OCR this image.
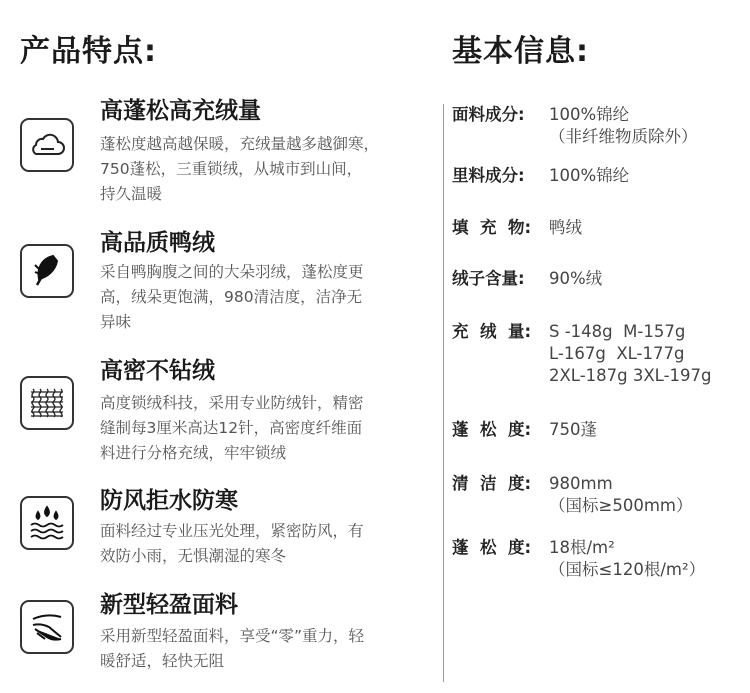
产品特点:	基本信息:
高蓬松高充绒量
蓬松度越高越保暖，充绒量越多越御寒，
750蓬松，三重锁绒，从城市到山间，
持久温暖
高品质鸭绒
采自鸭胸腹之间的大朵羽绒，蓬松度更
高，绒朵更饱满，980清洁度，洁净无
异味
高密不钻绒
高度锁绒科技，采用专业防绒针，精密
缝制每3厘米高达12针，高密度纤维面
料进行分格充绒，牢牢锁绒
防风拒水防寒
面料经过专业压光处理，紧密防风，有
效防小雨，无惧潮湿的寒冬
新型轻盈面料
采用新型轻盈面料，享受“零”重力，轻
暖舒适，轻快无阻
面料成分: 100%锦纶
（非纤维物质除外）
里料成分: 100%锦纶
填  充  物: 鸭绒
绒子含量: 90%绒
充  绒  量: S -148g  M-157g
L-167g  XL-177g
2XL-187g 3XL-197g
蓬  松  度: 750蓬
清  洁  度: 980mm
（国标≥500mm）
蓬  松  度: 18根/m²
（国标≤120根/m²）
